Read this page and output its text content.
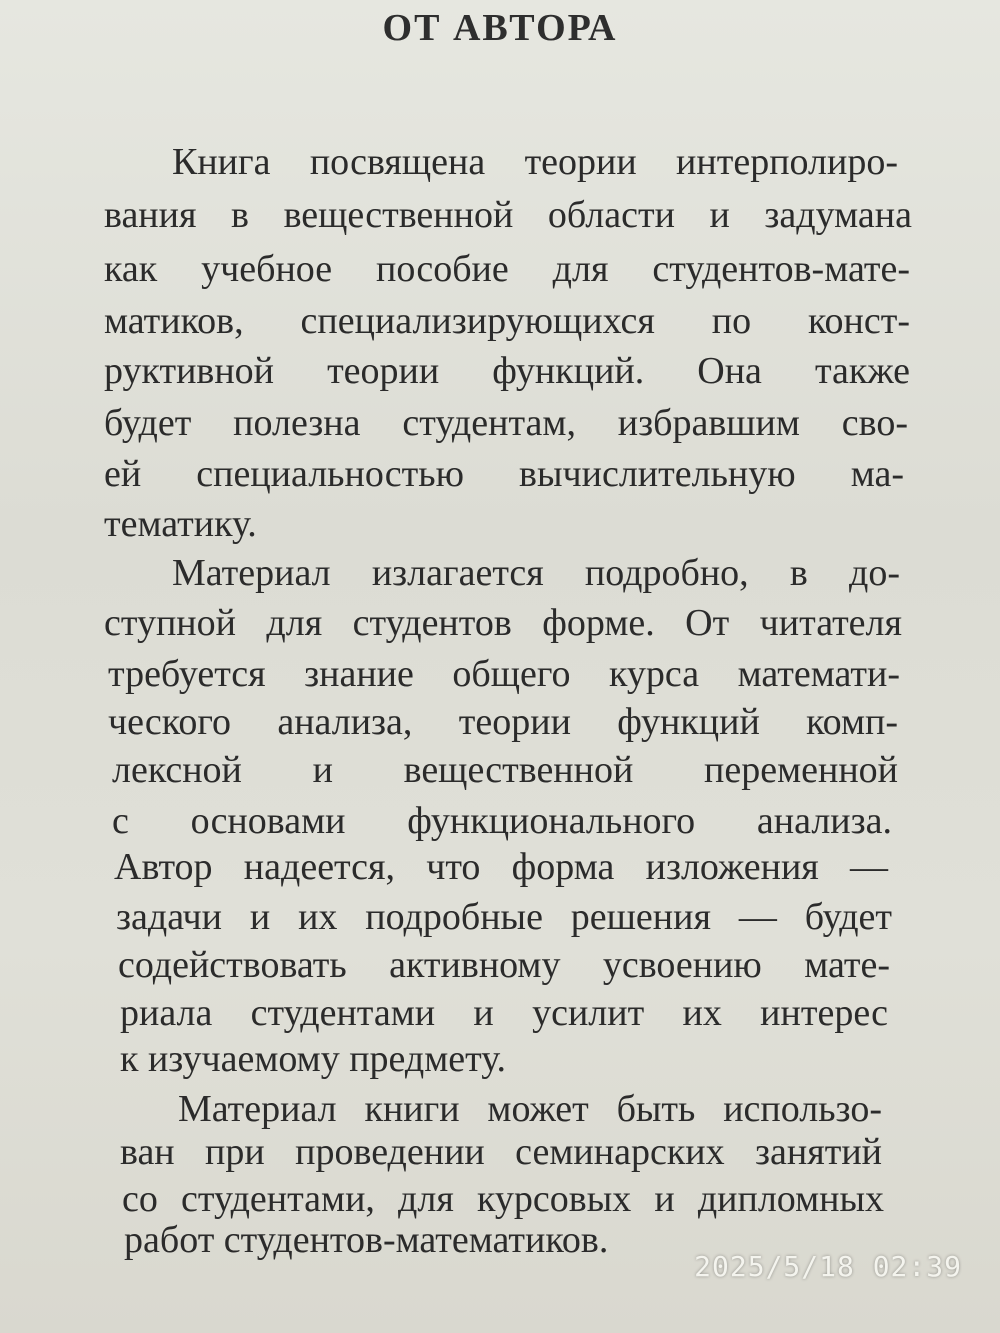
ОТ АВТОРА

Книга посвящена теории интерполиро-

вания в вещественной области и задумана

как учебное пособие для студентов-мате-

матиков, специализирующихся по конст-

руктивной теории функций. Она также

будет полезна студентам, избравшим сво-

ей специальностью вычислительную ма-

тематику.

Материал излагается подробно, в до-

ступной для студентов форме. От читателя

требуется знание общего курса математи-

ческого анализа, теории функций комп-

лексной и вещественной переменной

с основами функционального анализа.

Автор надеется, что форма изложения —

задачи и их подробные решения — будет

содействовать активному усвоению мате-

риала студентами и усилит их интерес

к изучаемому предмету.

Материал книги может быть использо-

ван при проведении семинарских занятий

со студентами, для курсовых и дипломных

работ студентов-математиков.

2025/5/18 02:39
